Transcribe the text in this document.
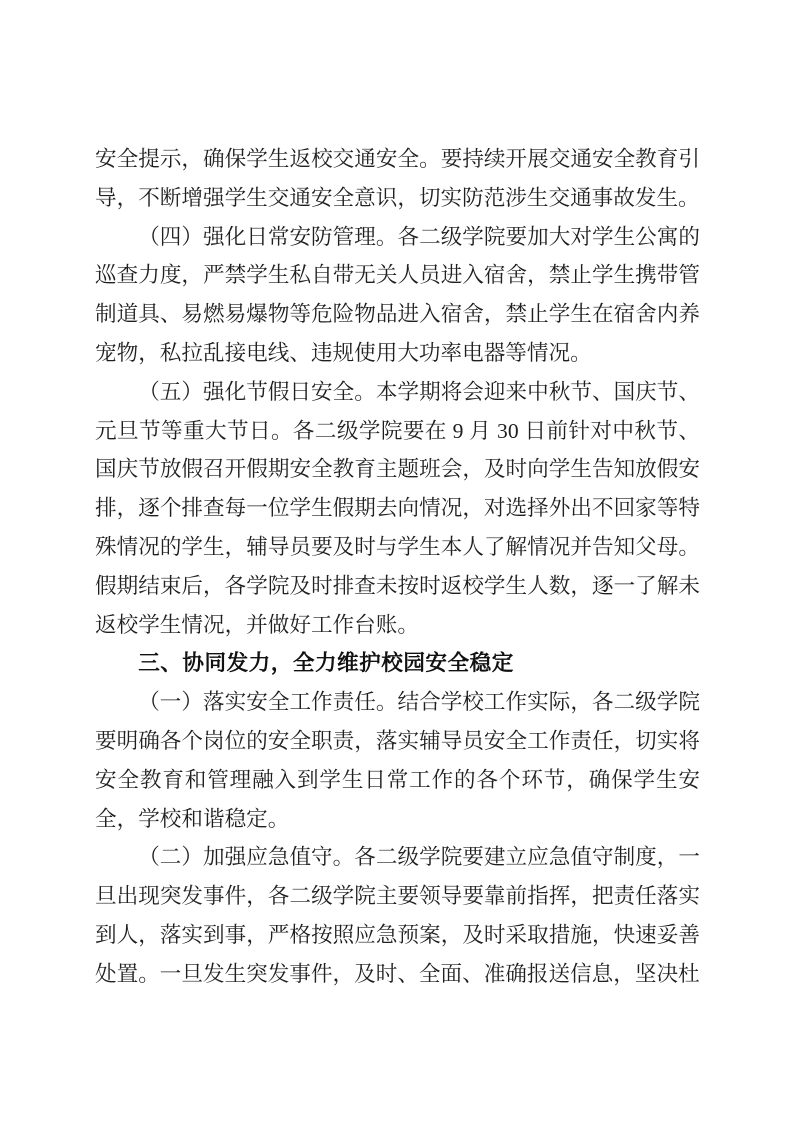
安全提示，确保学生返校交通安全。要持续开展交通安全教育引导，不断增强学生交通安全意识，切实防范涉生交通事故发生。

（四）强化日常安防管理。各二级学院要加大对学生公寓的巡查力度，严禁学生私自带无关人员进入宿舍，禁止学生携带管制道具、易燃易爆物等危险物品进入宿舍，禁止学生在宿舍内养宠物，私拉乱接电线、违规使用大功率电器等情况。

（五）强化节假日安全。本学期将会迎来中秋节、国庆节、元旦节等重大节日。各二级学院要在 9 月 30 日前针对中秋节、国庆节放假召开假期安全教育主题班会，及时向学生告知放假安排，逐个排查每一位学生假期去向情况，对选择外出不回家等特殊情况的学生，辅导员要及时与学生本人了解情况并告知父母。假期结束后，各学院及时排查未按时返校学生人数，逐一了解未返校学生情况，并做好工作台账。

三、协同发力，全力维护校园安全稳定

（一）落实安全工作责任。结合学校工作实际，各二级学院要明确各个岗位的安全职责，落实辅导员安全工作责任，切实将安全教育和管理融入到学生日常工作的各个环节，确保学生安全，学校和谐稳定。

（二）加强应急值守。各二级学院要建立应急值守制度，一旦出现突发事件，各二级学院主要领导要靠前指挥，把责任落实到人，落实到事，严格按照应急预案，及时采取措施，快速妥善处置。一旦发生突发事件，及时、全面、准确报送信息，坚决杜
